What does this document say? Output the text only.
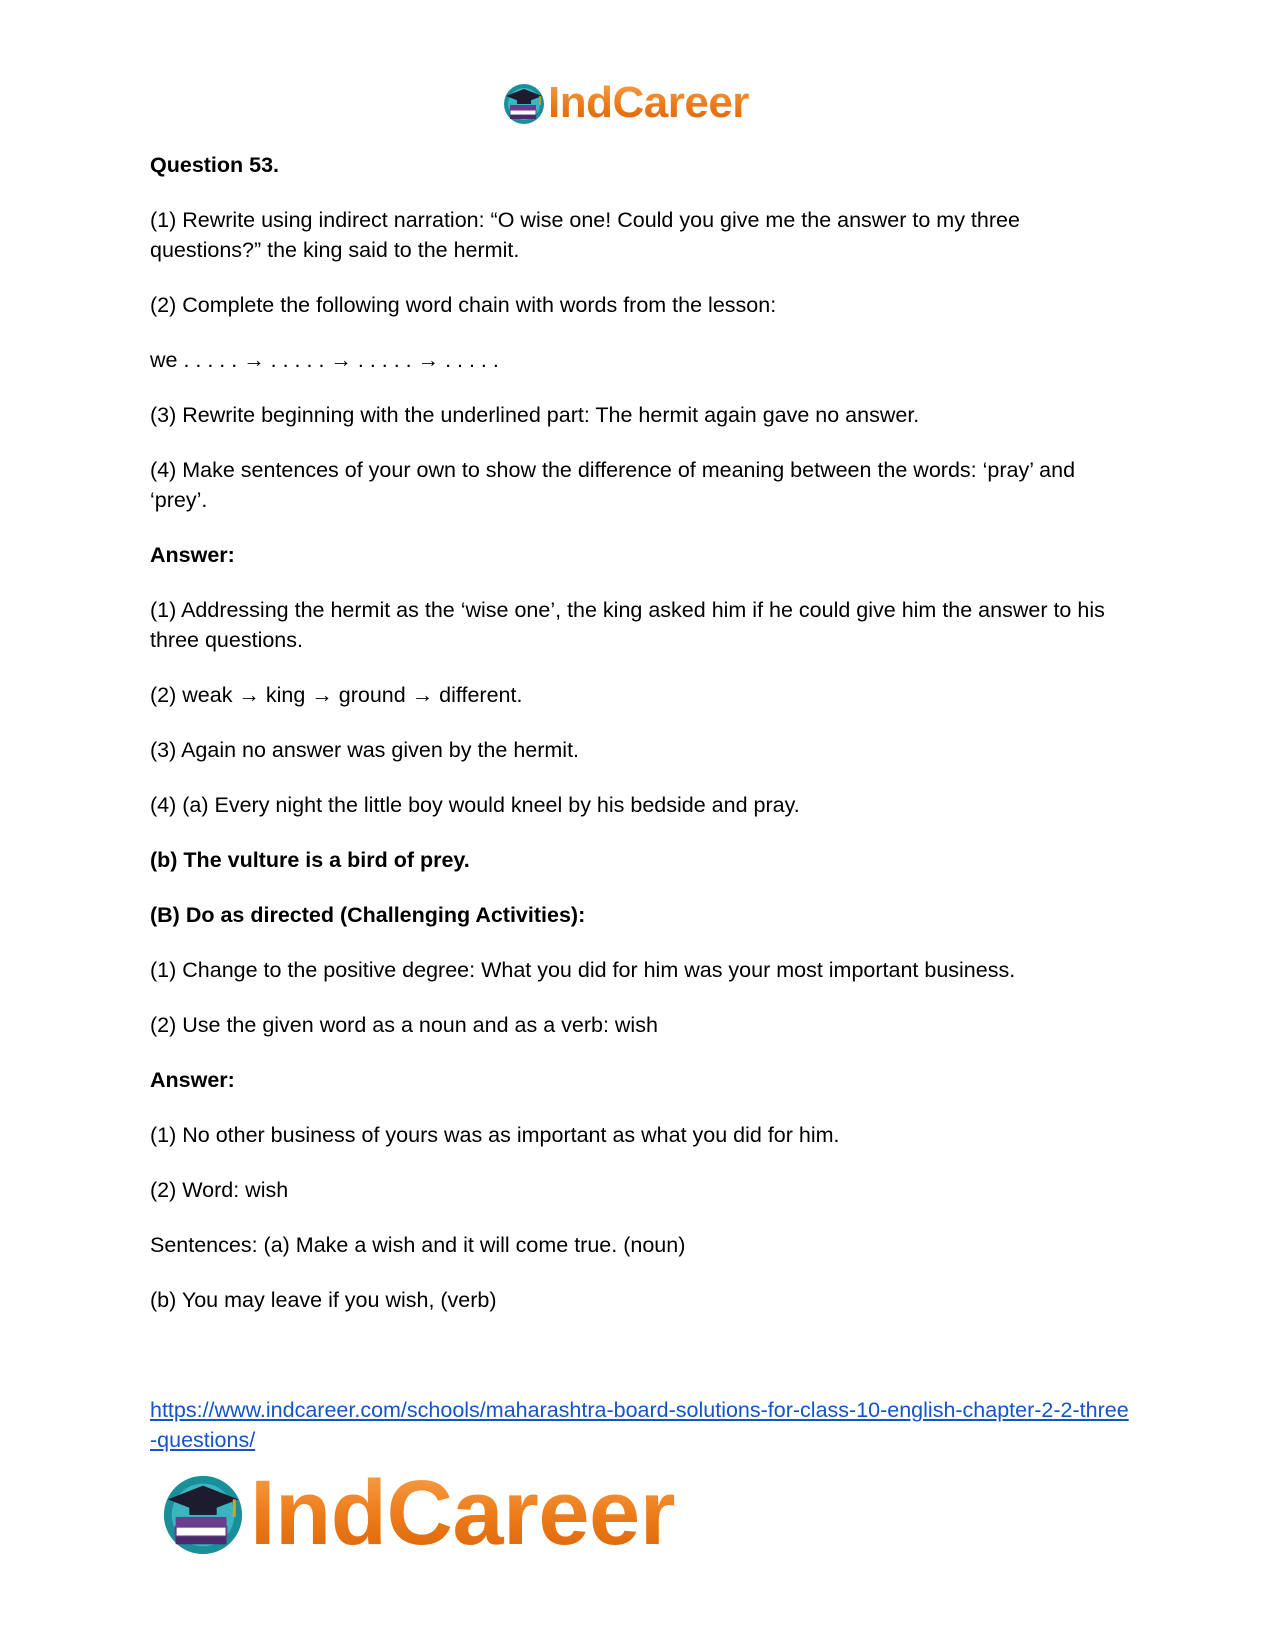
IndCareer

Question 53.

(1) Rewrite using indirect narration: “O wise one! Could you give me the answer to my three questions?” the king said to the hermit.

(2) Complete the following word chain with words from the lesson:

we . . . . . → . . . . . → . . . . . → . . . . .

(3) Rewrite beginning with the underlined part: The hermit again gave no answer.

(4) Make sentences of your own to show the difference of meaning between the words: ‘pray’ and ‘prey’.

Answer:

(1) Addressing the hermit as the ‘wise one’, the king asked him if he could give him the answer to his three questions.

(2) weak → king → ground → different.

(3) Again no answer was given by the hermit.

(4) (a) Every night the little boy would kneel by his bedside and pray.

(b) The vulture is a bird of prey.

(B) Do as directed (Challenging Activities):

(1) Change to the positive degree: What you did for him was your most important business.

(2) Use the given word as a noun and as a verb: wish

Answer:

(1) No other business of yours was as important as what you did for him.

(2) Word: wish

Sentences: (a) Make a wish and it will come true. (noun)

(b) You may leave if you wish, (verb)

https://www.indcareer.com/schools/maharashtra-board-solutions-for-class-10-english-chapter-2-2-three-questions/
IndCareer
